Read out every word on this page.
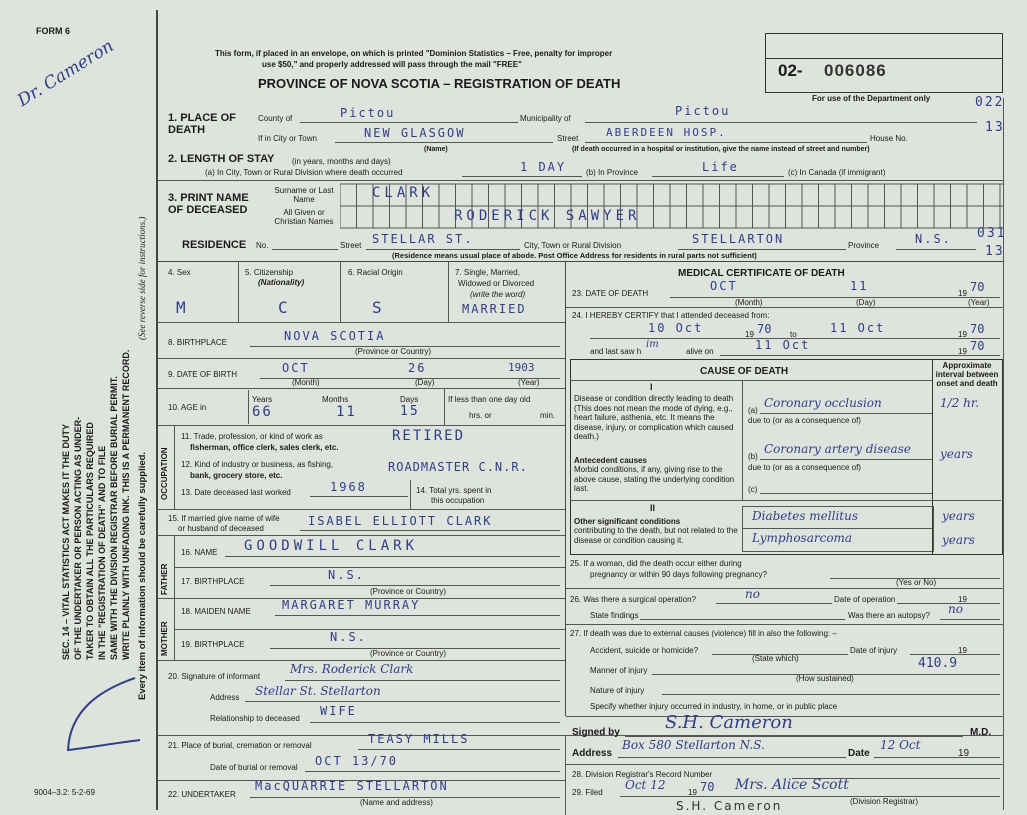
FORM 6
Dr. Cameron
SEC. 14 – VITAL STATISTICS ACT MAKES IT THE DUTY OF THE UNDERTAKER OR PERSON ACTING AS UNDER- TAKER TO OBTAIN ALL THE PARTICULARS REQUIRED IN THE "REGISTRATION OF DEATH" AND TO FILE SAME WITH THE DIVISION REGISTRAR BEFORE BURIAL PERMIT. WRITE PLAINLY WITH UNFADING INK. THIS IS A PERMANENT RECORD. Every item of information should be carefully supplied.
(See reverse side for instructions.)
9004–3.2: 5-2-69
This form, if placed in an envelope, on which is printed "Dominion Statistics – Free, penalty for improper
use $50," and properly addressed will pass through the mail "FREE"
PROVINCE OF NOVA SCOTIA – REGISTRATION OF DEATH
02- 006086
For use of the Department only
1. PLACE OF DEATH
County of	Pictou	Municipality of
Pictou
022
If in City or Town	NEW GLASGOW	Street	ABERDEEN HOSP.	House No.
13
(Name)	(If death occurred in a hospital or institution, give the name instead of street and number)
2. LENGTH OF STAY (in years, months and days)
(a) In City, Town or Rural Division where death occurred	1 DAY (b) In Province	Life	(c) In Canada (if immigrant)
3. PRINT NAME OF DECEASED
Surname or Last Name
All Given or Christian Names
CLARK
RODERICK SAWYER
RESIDENCE No.	Street STELLAR ST.	City, Town or Rural Division	STELLARTON	Province	N.S. 031
13
(Residence means usual place of abode. Post Office Address for residents in rural parts not sufficient)
4. Sex
M
5. Citizenship
(Nationality)
C
6. Racial Origin
S
7. Single, Married,
Widowed or Divorced
(write the word)
MARRIED
8. BIRTHPLACE	NOVA SCOTIA
(Province or Country)
9. DATE OF BIRTH	OCT	26	1903
(Month)	(Day)	(Year)
10. AGE in
Years
66
Months
11
Days
15
If less than one day old
hrs. or	min.
OCCUPATION
11. Trade, profession, or kind of work as
fisherman, office clerk, sales clerk, etc.
RETIRED
12. Kind of industry or business, as fishing,
bank, grocery store, etc.
ROADMASTER C.N.R.
13. Date deceased last worked	1968	14. Total yrs. spent in
this occupation
15. If married give name of wife
or husband of deceased
ISABEL ELLIOTT CLARK
FATHER
16. NAME GOODWILL CLARK
17. BIRTHPLACE	N.S.
(Province or Country)
MOTHER
18. MAIDEN NAME	MARGARET MURRAY
19. BIRTHPLACE
N.S.
(Province or Country)
20. Signature of informant
Mrs. Roderick Clark
Address Stellar St. Stellarton
Relationship to deceased
WIFE
21. Place of burial, cremation or removal	TEASY MILLS
Date of burial or removal OCT 13/70
22. UNDERTAKER
MacQUARRIE STELLARTON
(Name and address)
MEDICAL CERTIFICATE OF DEATH
23. DATE OF DEATH
OCT	11
19 70
(Month)	(Day)	(Year)
24. I HEREBY CERTIFY that I attended deceased from:
10 Oct	19 70 to	11 Oct	19 70
and last saw h
im
alive on	11 Oct	19 70
CAUSE OF DEATH
Approximate interval between onset and death
I
Disease or condition directly leading to death (This does not mean the mode of dying, e.g., heart failure, asthenia, etc. It means the disease, injury, or complication which caused death.)
Antecedent causes
Morbid conditions, if any, giving rise to the above cause, stating the underlying condition last.
(a)
Coronary occlusion	1/2 hr.
due to (or as a consequence of)
(b)
Coronary artery disease years
due to (or as a consequence of)
(c)
II
Other significant conditions
contributing to the death, but not related to the disease or condition causing it.
Diabetes mellitus	years
Lymphosarcoma	years
25. If a woman, did the death occur either during
pregnancy or within 90 days following pregnancy?
(Yes or No)
26. Was there a surgical operation?	no	Date of operation	19
State findings	Was there an autopsy? no
27. If death was due to external causes (violence) fill in also the following: –
Accident, suicide or homicide?
(State which)
Date of injury	19
Manner of injury	410.9
(How sustained)
Nature of injury
Specify whether injury occurred in industry, in home, or in public place
Signed by	S.H. Cameron	M.D.
Address
Box 580 Stellarton N.S.
Date
12 Oct
19
28. Division Registrar's Record Number
29. Filed
Oct 12
19 70 Mrs. Alice Scott
(Division Registrar)
S.H. Cameron
